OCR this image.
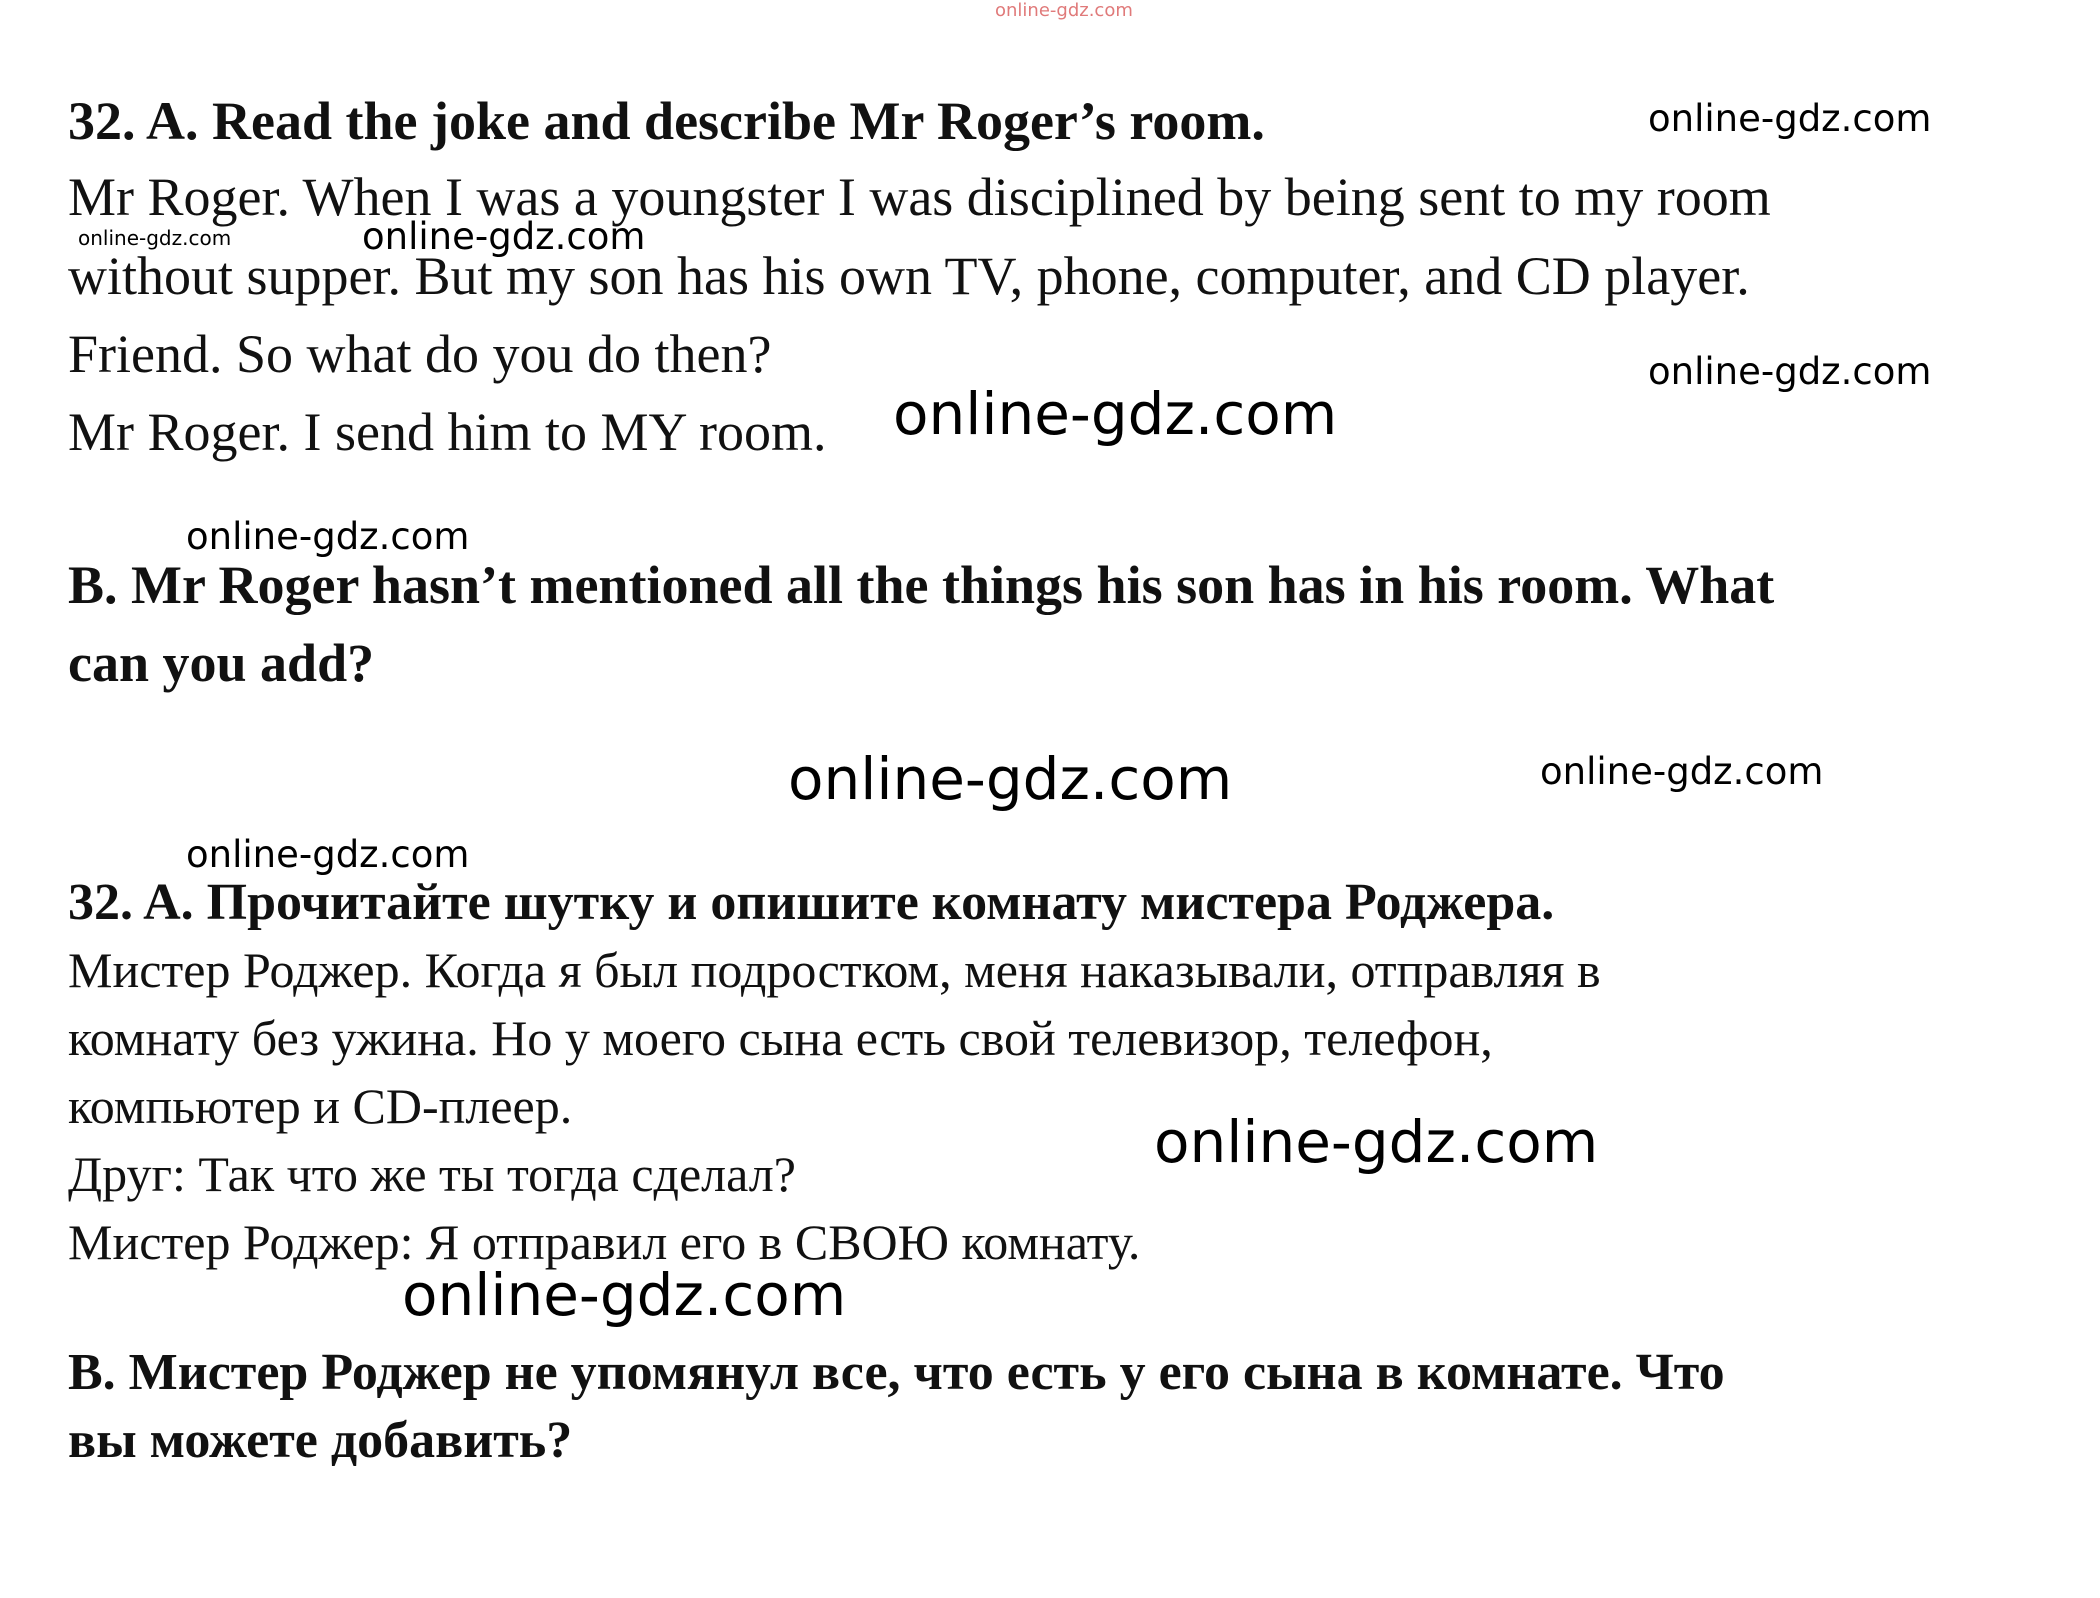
online-gdz.com
32. A. Read the joke and describe Mr Roger’s room.	online-gdz.com
Mr Roger. When I was a youngster I was disciplined by being sent to my room
online-gdz.com	online-gdz.com
without supper. But my son has his own TV, phone, computer, and CD player.
Friend. So what do you do then?	online-gdz.com
Mr Roger. I send him to MY room. online-gdz.com
online-gdz.com
B. Mr Roger hasn’t mentioned all the things his son has in his room. What
can you add?
online-gdz.com	online-gdz.com
online-gdz.com
32. A. Прочитайте шутку и опишите комнату мистера Роджера.
Мистер Роджер. Когда я был подростком, меня наказывали, отправляя в
комнату без ужина. Но у моего сына есть свой телевизор, телефон,
компьютер и CD-плеер.
online-gdz.com
Друг: Так что же ты тогда сделал?
Мистер Роджер: Я отправил его в СВОЮ комнату.
online-gdz.com
B. Мистер Роджер не упомянул все, что есть у его сына в комнате. Что
вы можете добавить?
